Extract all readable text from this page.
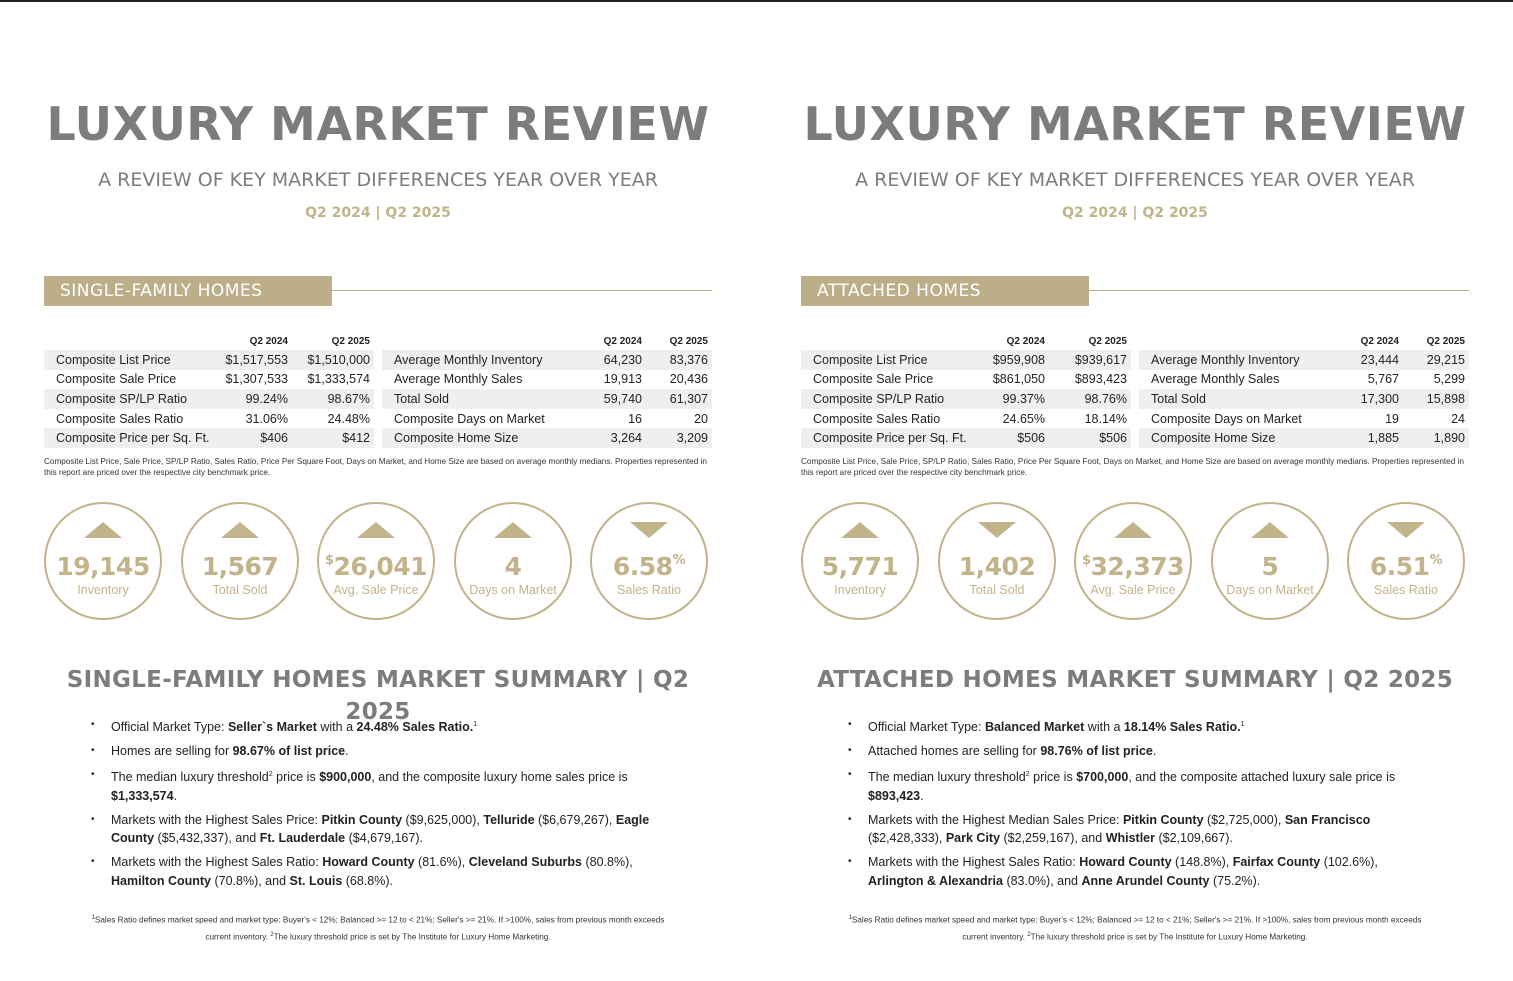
LUXURY MARKET REVIEW
A REVIEW OF KEY MARKET DIFFERENCES YEAR OVER YEAR
Q2 2024 | Q2 2025
SINGLE-FAMILY HOMES
	Q2 2024	Q2 2025
Composite List Price	$1,517,553	$1,510,000
Composite Sale Price	$1,307,533	$1,333,574
Composite SP/LP Ratio	99.24%	98.67%
Composite Sales Ratio	31.06%	24.48%
Composite Price per Sq. Ft.	$406	$412
	Q2 2024	Q2 2025
Average Monthly Inventory	64,230	83,376
Average Monthly Sales	19,913	20,436
Total Sold	59,740	61,307
Composite Days on Market	16	20
Composite Home Size	3,264	3,209
Composite List Price, Sale Price, SP/LP Ratio, Sales Ratio, Price Per Square Foot, Days on Market, and Home Size are based on average monthly medians. Properties represented in this report are priced over the respective city benchmark price.
19,145
Inventory
1,567
Total Sold
$26,041
Avg. Sale Price
4
Days on Market
6.58%
Sales Ratio
SINGLE-FAMILY HOMES MARKET SUMMARY | Q2 2025
• Official Market Type: Seller`s Market with a 24.48% Sales Ratio.$^1$
• Homes are selling for 98.67% of list price.
• The median luxury threshold$^2$ price is $900,000, and the composite luxury home sales price is $1,333,574.
• Markets with the Highest Sales Price: Pitkin County ($9,625,000), Telluride ($6,679,267), Eagle County ($5,432,337), and Ft. Lauderdale ($4,679,167).
• Markets with the Highest Sales Ratio: Howard County (81.6%), Cleveland Suburbs (80.8%), Hamilton County (70.8%), and St. Louis (68.8%).
$^1$Sales Ratio defines market speed and market type: Buyer's < 12%; Balanced >= 12 to < 21%; Seller's >= 21%. If >100%, sales from previous month exceeds current inventory. $^2$The luxury threshold price is set by The Institute for Luxury Home Marketing.
LUXURY MARKET REVIEW
A REVIEW OF KEY MARKET DIFFERENCES YEAR OVER YEAR
Q2 2024 | Q2 2025
ATTACHED HOMES
	Q2 2024	Q2 2025
Composite List Price	$959,908	$939,617
Composite Sale Price	$861,050	$893,423
Composite SP/LP Ratio	99.37%	98.76%
Composite Sales Ratio	24.65%	18.14%
Composite Price per Sq. Ft.	$506	$506
	Q2 2024	Q2 2025
Average Monthly Inventory	23,444	29,215
Average Monthly Sales	5,767	5,299
Total Sold	17,300	15,898
Composite Days on Market	19	24
Composite Home Size	1,885	1,890
Composite List Price, Sale Price, SP/LP Ratio, Sales Ratio, Price Per Square Foot, Days on Market, and Home Size are based on average monthly medians. Properties represented in this report are priced over the respective city benchmark price.
5,771
Inventory
1,402
Total Sold
$32,373
Avg. Sale Price
5
Days on Market
6.51%
Sales Ratio
ATTACHED HOMES MARKET SUMMARY | Q2 2025
• Official Market Type: Balanced Market with a 18.14% Sales Ratio.$^1$
• Attached homes are selling for 98.76% of list price.
• The median luxury threshold$^2$ price is $700,000, and the composite attached luxury sale price is $893,423.
• Markets with the Highest Median Sales Price: Pitkin County ($2,725,000), San Francisco ($2,428,333), Park City ($2,259,167), and Whistler ($2,109,667).
• Markets with the Highest Sales Ratio: Howard County (148.8%), Fairfax County (102.6%), Arlington & Alexandria (83.0%), and Anne Arundel County (75.2%).
$^1$Sales Ratio defines market speed and market type: Buyer's < 12%; Balanced >= 12 to < 21%; Seller's >= 21%. If >100%, sales from previous month exceeds current inventory. $^2$The luxury threshold price is set by The Institute for Luxury Home Marketing.
